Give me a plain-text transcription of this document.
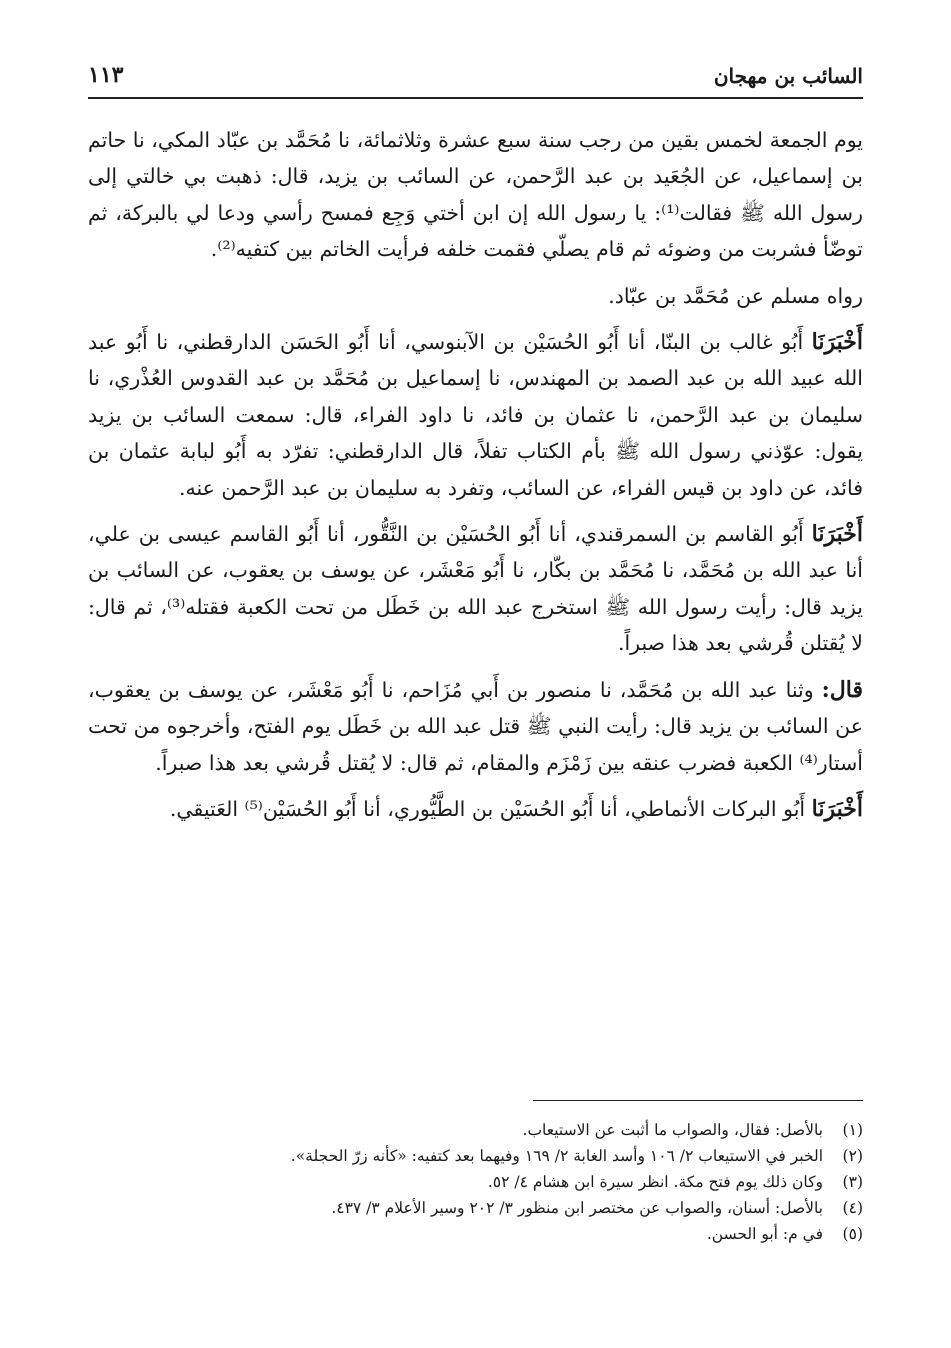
السائب بن مهجان
١١٣

يوم الجمعة لخمس بقين من رجب سنة سبع عشرة وثلاثمائة، نا مُحَمَّد بن عبّاد المكي، نا حاتم بن إسماعيل، عن الجُعَيد بن عبد الرَّحمن، عن السائب بن يزيد، قال: ذهبت بي خالتي إلى رسول الله ﷺ فقالت⁽¹⁾: يا رسول الله إن ابن أختي وَجِع فمسح رأسي ودعا لي بالبركة، ثم توضّأ فشربت من وضوئه ثم قام يصلّي فقمت خلفه فرأيت الخاتم بين كتفيه⁽²⁾.

رواه مسلم عن مُحَمَّد بن عبّاد.

أَخْبَرَنَا أَبُو غالب بن البنّا، أنا أَبُو الحُسَيْن بن الآبنوسي، أنا أَبُو الحَسَن الدارقطني، نا أَبُو عبد الله عبيد الله بن عبد الصمد بن المهندس، نا إسماعيل بن مُحَمَّد بن عبد القدوس العُذْري، نا سليمان بن عبد الرَّحمن، نا عثمان بن فائد، نا داود الفراء، قال: سمعت السائب بن يزيد يقول: عوّذني رسول الله ﷺ بأم الكتاب تفلاً، قال الدارقطني: تفرّد به أَبُو لبابة عثمان بن فائد، عن داود بن قيس الفراء، عن السائب، وتفرد به سليمان بن عبد الرَّحمن عنه.

أَخْبَرَنَا أَبُو القاسم بن السمرقندي، أنا أَبُو الحُسَيْن بن النَّقُّور، أنا أَبُو القاسم عيسى بن علي، أنا عبد الله بن مُحَمَّد، نا مُحَمَّد بن بكّار، نا أَبُو مَعْشَر، عن يوسف بن يعقوب، عن السائب بن يزيد قال: رأيت رسول الله ﷺ استخرج عبد الله بن خَطَل من تحت الكعبة فقتله⁽³⁾، ثم قال: لا يُقتلن قُرشي بعد هذا صبراً.

قال: وثنا عبد الله بن مُحَمَّد، نا منصور بن أَبي مُزَاحم، نا أَبُو مَعْشَر، عن يوسف بن يعقوب، عن السائب بن يزيد قال: رأيت النبي ﷺ قتل عبد الله بن خَطَل يوم الفتح، وأخرجوه من تحت أستار⁽⁴⁾ الكعبة فضرب عنقه بين زَمْزَم والمقام، ثم قال: لا يُقتل قُرشي بعد هذا صبراً.

أَخْبَرَنَا أَبُو البركات الأنماطي، أنا أَبُو الحُسَيْن بن الطَّيُّوري، أنا أَبُو الحُسَيْن⁽⁵⁾ العَتيقي.

(١)
بالأصل: فقال، والصواب ما أثبت عن الاستيعاب.
(٢)
الخبر في الاستيعاب ٢/ ١٠٦ وأسد الغابة ٢/ ١٦٩ وفيهما بعد كتفيه: «كأنه زرّ الحجلة».
(٣)
وكان ذلك يوم فتح مكة. انظر سيرة ابن هشام ٤/ ٥٢.
(٤)
بالأصل: أسنان، والصواب عن مختصر ابن منظور ٣/ ٢٠٢ وسير الأعلام ٣/ ٤٣٧.
(٥)
في م: أبو الحسن.
